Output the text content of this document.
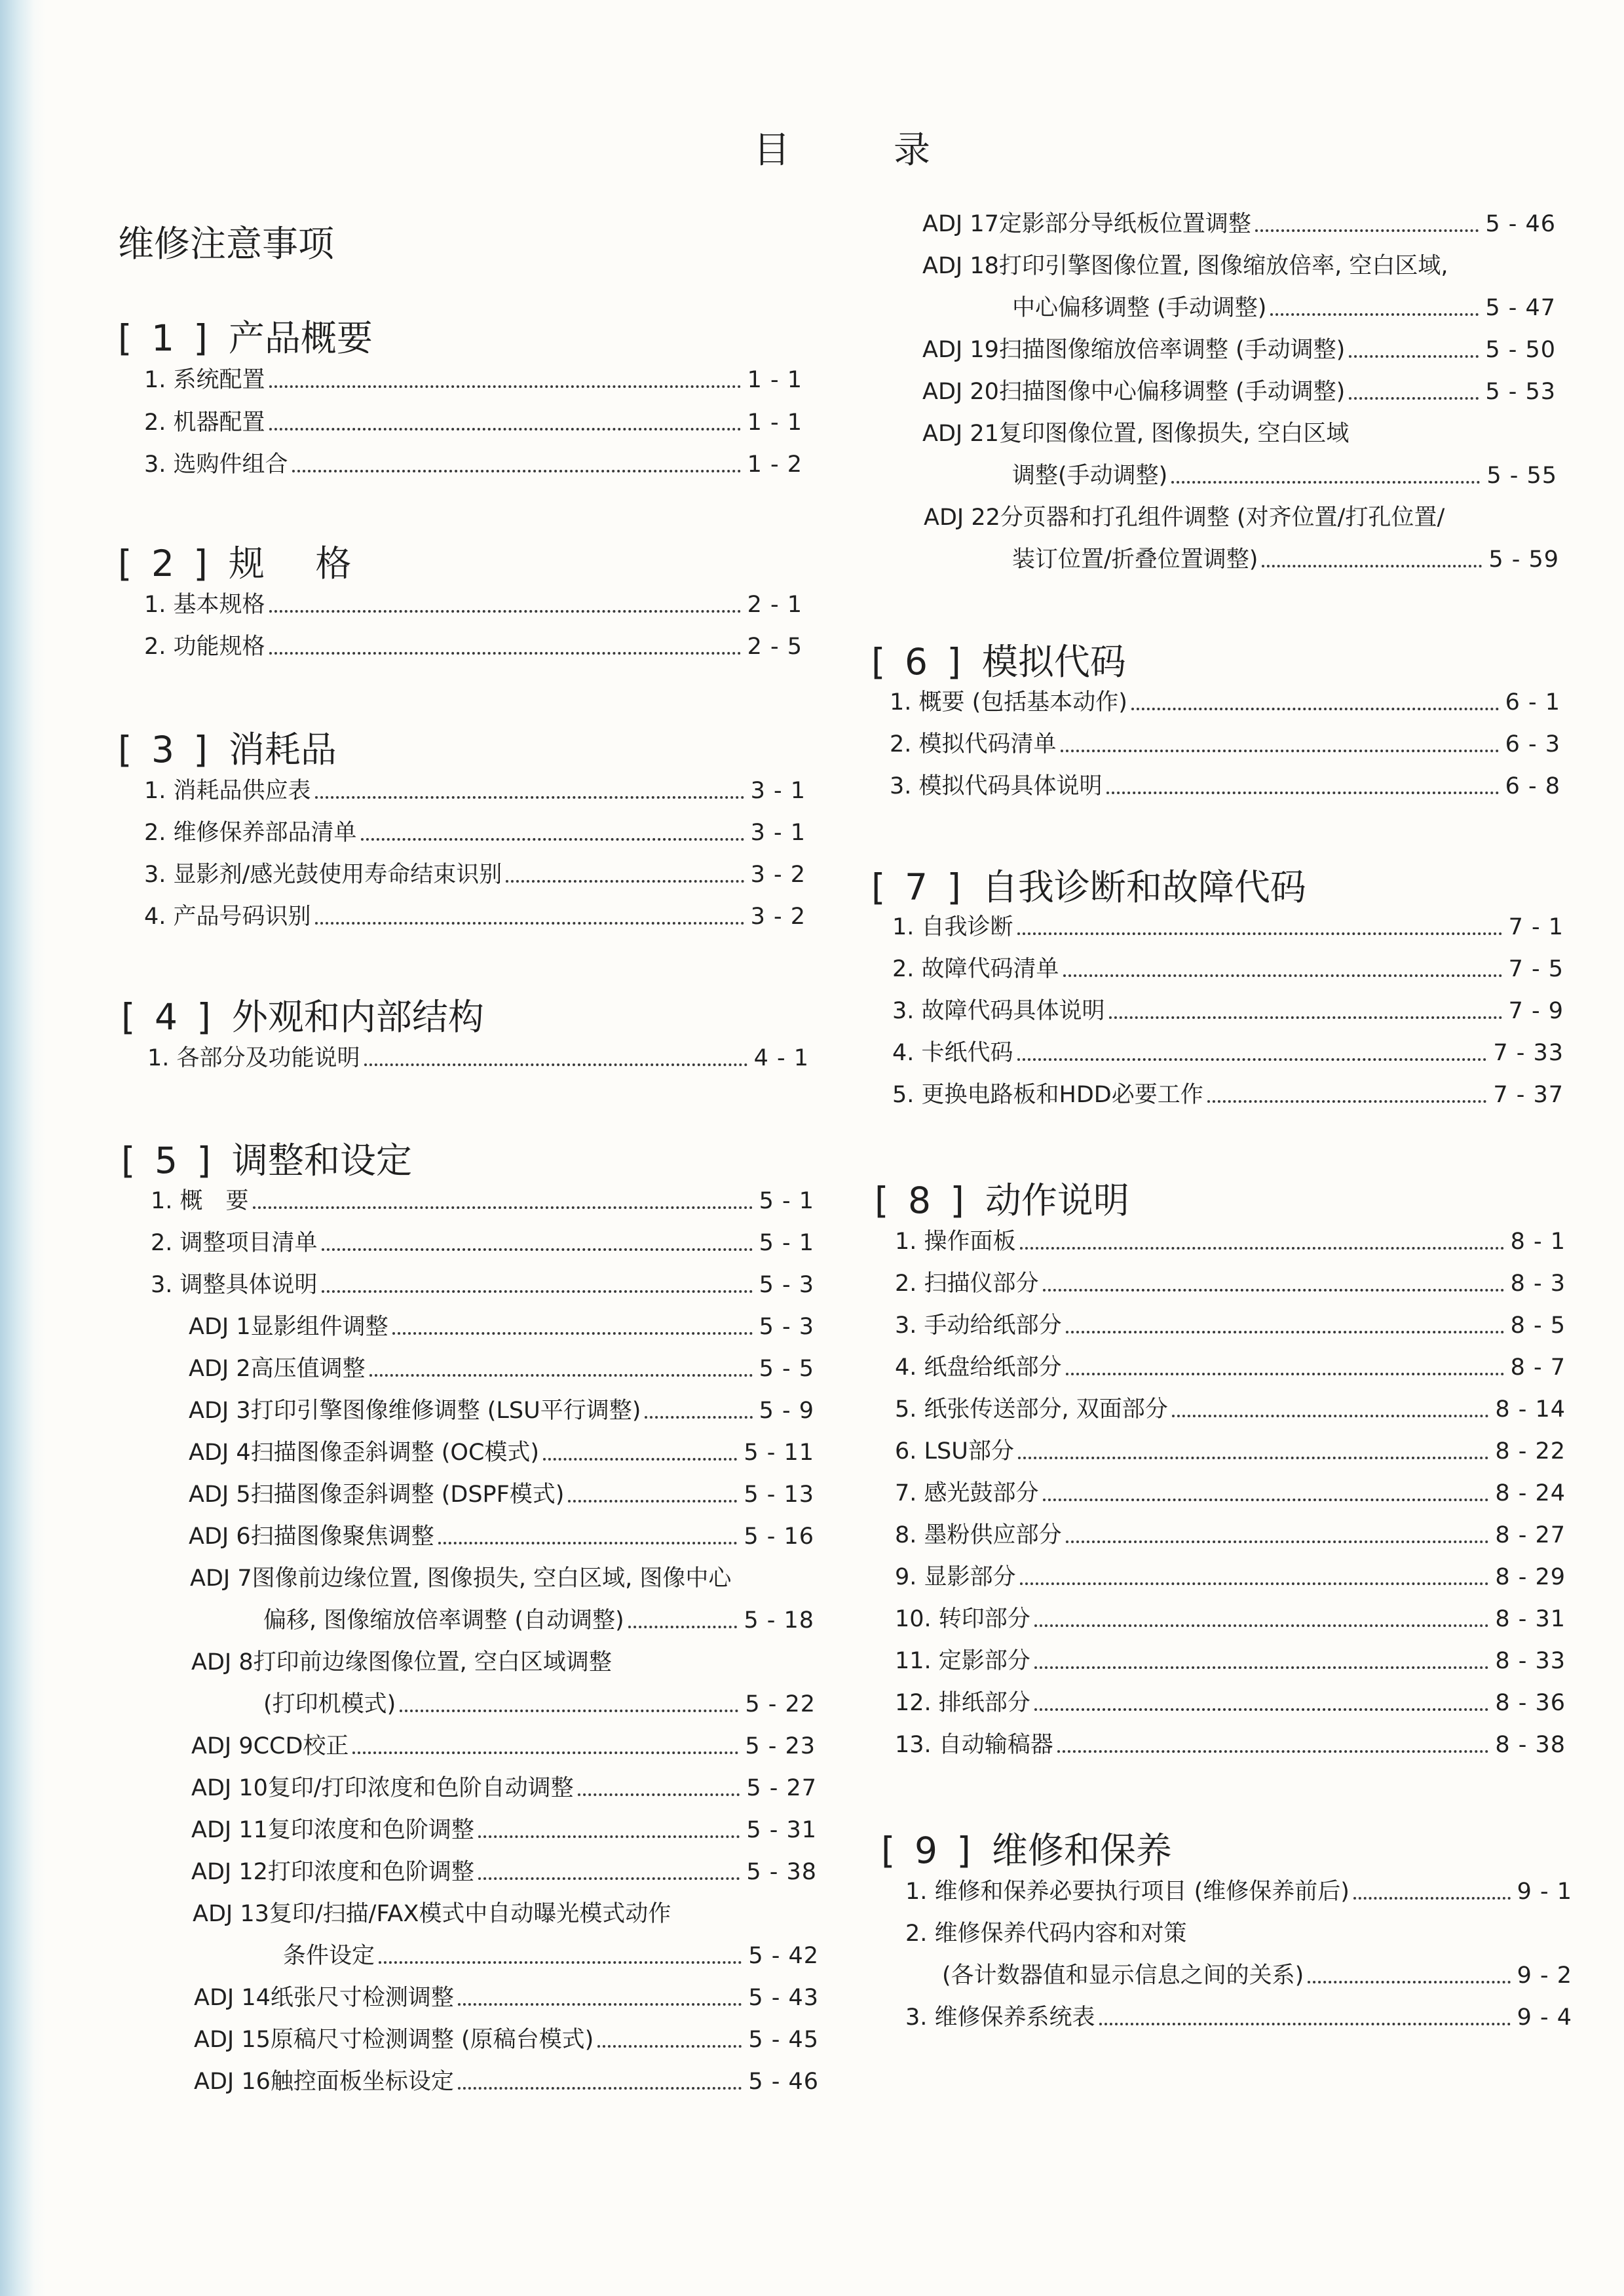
目	录
维修注意事项
[ 1 ] 产品概要
1. 系统配置	1 - 1
2. 机器配置	1 - 1
3. 选购件组合	1 - 2
[ 2 ] 规 格
1. 基本规格	2 - 1
2. 功能规格	2 - 5
[ 3 ] 消耗品
1. 消耗品供应表	3 - 1
2. 维修保养部品清单	3 - 1
3. 显影剂/感光鼓使用寿命结束识别	3 - 2
4. 产品号码识别	3 - 2
[ 4 ] 外观和内部结构
1. 各部分及功能说明	4 - 1
[ 5 ] 调整和设定
1. 概　要	5 - 1
2. 调整项目清单	5 - 1
3. 调整具体说明	5 - 3
ADJ 1显影组件调整	5 - 3
ADJ 2高压值调整	5 - 5
ADJ 3打印引擎图像维修调整 (LSU平行调整)	5 - 9
ADJ 4扫描图像歪斜调整 (OC模式)	5 - 11
ADJ 5扫描图像歪斜调整 (DSPF模式)	5 - 13
ADJ 6扫描图像聚焦调整	5 - 16
ADJ 7图像前边缘位置, 图像损失, 空白区域, 图像中心
偏移, 图像缩放倍率调整 (自动调整)	5 - 18
ADJ 8打印前边缘图像位置, 空白区域调整
(打印机模式)	5 - 22
ADJ 9CCD校正	5 - 23
ADJ 10复印/打印浓度和色阶自动调整	5 - 27
ADJ 11复印浓度和色阶调整	5 - 31
ADJ 12打印浓度和色阶调整	5 - 38
ADJ 13复印/扫描/FAX模式中自动曝光模式动作
条件设定	5 - 42
ADJ 14纸张尺寸检测调整	5 - 43
ADJ 15原稿尺寸检测调整 (原稿台模式)	5 - 45
ADJ 16触控面板坐标设定	5 - 46
ADJ 17定影部分导纸板位置调整	5 - 46
ADJ 18打印引擎图像位置, 图像缩放倍率, 空白区域,
中心偏移调整 (手动调整)	5 - 47
ADJ 19扫描图像缩放倍率调整 (手动调整)	5 - 50
ADJ 20扫描图像中心偏移调整 (手动调整)	5 - 53
ADJ 21复印图像位置, 图像损失, 空白区域
调整(手动调整)	5 - 55
ADJ 22分页器和打孔组件调整 (对齐位置/打孔位置/
装订位置/折叠位置调整)	5 - 59
[ 6 ] 模拟代码
1. 概要 (包括基本动作)	6 - 1
2. 模拟代码清单	6 - 3
3. 模拟代码具体说明	6 - 8
[ 7 ] 自我诊断和故障代码
1. 自我诊断	7 - 1
2. 故障代码清单	7 - 5
3. 故障代码具体说明	7 - 9
4. 卡纸代码	7 - 33
5. 更换电路板和HDD必要工作	7 - 37
[ 8 ] 动作说明
1. 操作面板	8 - 1
2. 扫描仪部分	8 - 3
3. 手动给纸部分	8 - 5
4. 纸盘给纸部分	8 - 7
5. 纸张传送部分, 双面部分	8 - 14
6. LSU部分	8 - 22
7. 感光鼓部分	8 - 24
8. 墨粉供应部分	8 - 27
9. 显影部分	8 - 29
10. 转印部分	8 - 31
11. 定影部分	8 - 33
12. 排纸部分	8 - 36
13. 自动输稿器	8 - 38
[ 9 ] 维修和保养
1. 维修和保养必要执行项目 (维修保养前后)	9 - 1
2. 维修保养代码内容和对策
(各计数器值和显示信息之间的关系)	9 - 2
3. 维修保养系统表	9 - 4
